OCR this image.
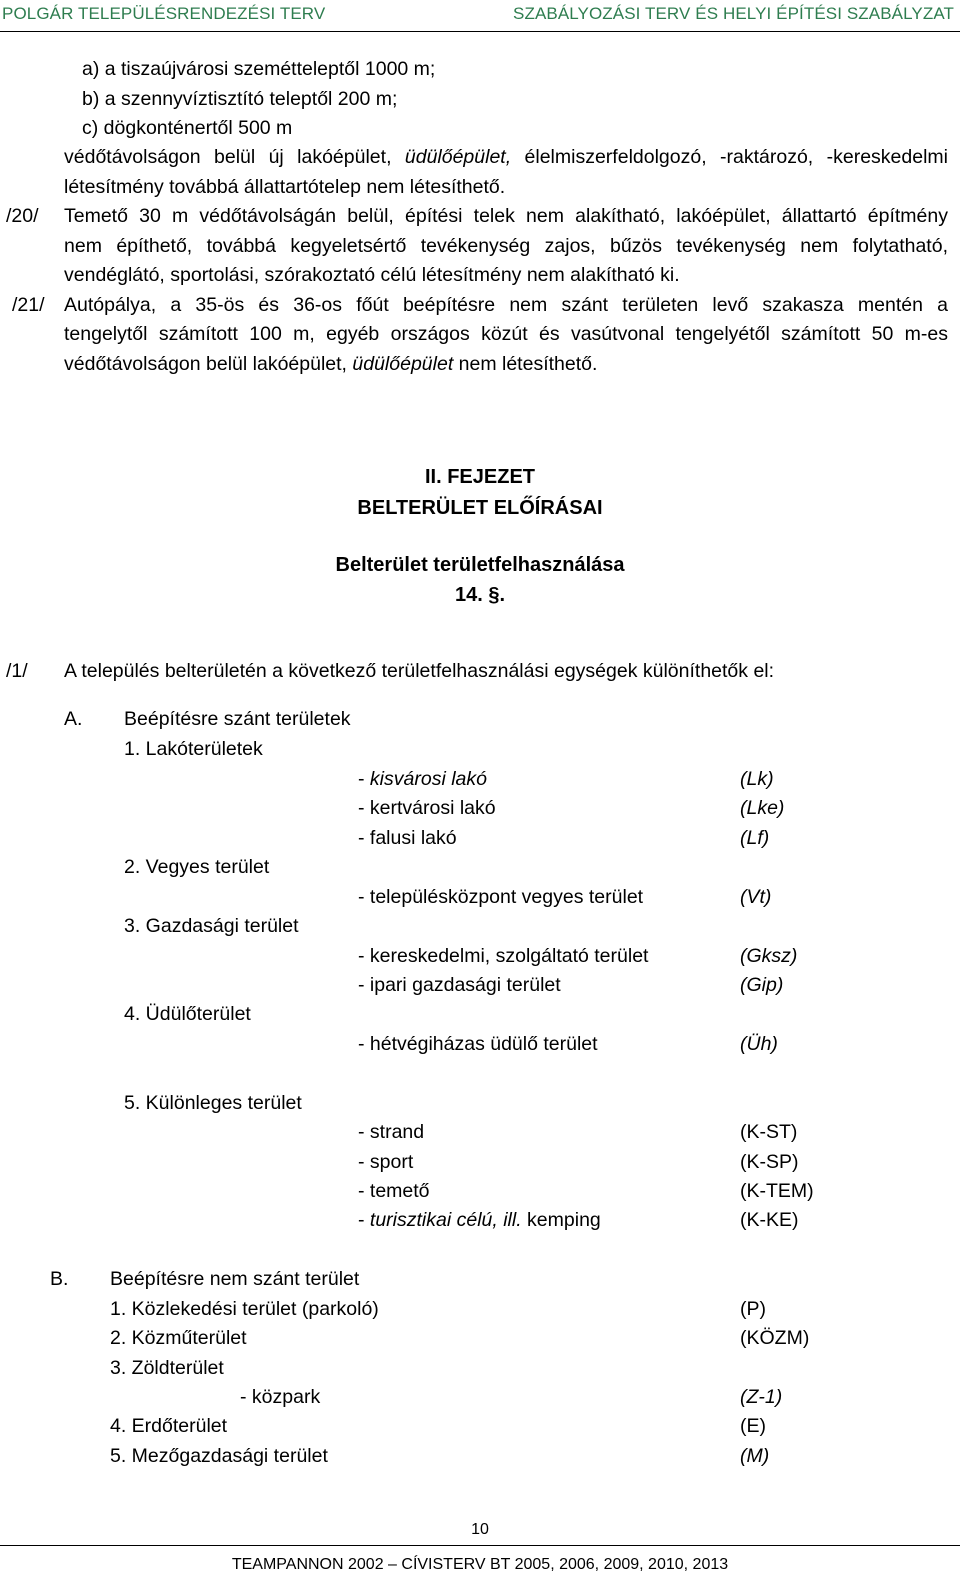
POLGÁR TELEPÜLÉSRENDEZÉSI TERV	SZABÁLYOZÁSI TERV ÉS HELYI ÉPÍTÉSI SZABÁLYZAT
a) a tiszaújvárosi szemétteleptől 1000 m;
b) a szennyvíztisztító teleptől 200 m;
c) dögkonténertől 500 m
védőtávolságon belül új lakóépület, üdülőépület, élelmiszerfeldolgozó, -raktározó, -kereskedelmi
létesítmény továbbá állattartótelep nem létesíthető.
/20/ Temető 30 m védőtávolságán belül, építési telek nem alakítható, lakóépület, állattartó építmény
nem építhető, továbbá kegyeletsértő tevékenység zajos, bűzös tevékenység nem folytatható,
vendéglátó, sportolási, szórakoztató célú létesítmény nem alakítható ki.
/21/ Autópálya, a 35-ös és 36-os főút beépítésre nem szánt területen levő szakasza mentén a
tengelytől számított 100 m, egyéb országos közút és vasútvonal tengelyétől számított 50 m-es
védőtávolságon belül lakóépület, üdülőépület nem létesíthető.
II. FEJEZET
BELTERÜLET ELŐÍRÁSAI
Belterület területfelhasználása
14. §.
/1/ A település belterületén a következő területfelhasználási egységek különíthetők el:
A. Beépítésre szánt területek
1. Lakóterületek
- kisvárosi lakó	(Lk)
- kertvárosi lakó	(Lke)
- falusi lakó	(Lf)
2. Vegyes terület
- településközpont vegyes terület	(Vt)
3. Gazdasági terület
- kereskedelmi, szolgáltató terület	(Gksz)
- ipari gazdasági terület	(Gip)
4. Üdülőterület
- hétvégiházas üdülő terület	(Üh)
5. Különleges terület
- strand	(K-ST)
- sport	(K-SP)
- temető	(K-TEM)
- turisztikai célú, ill. kemping	(K-KE)
B. Beépítésre nem szánt terület
1. Közlekedési terület (parkoló)	(P)
2. Közműterület	(KÖZM)
3. Zöldterület
- közpark	(Z-1)
4. Erdőterület	(E)
5. Mezőgazdasági terület	(M)
10
TEAMPANNON 2002 – CÍVISTERV BT 2005, 2006, 2009, 2010, 2013
